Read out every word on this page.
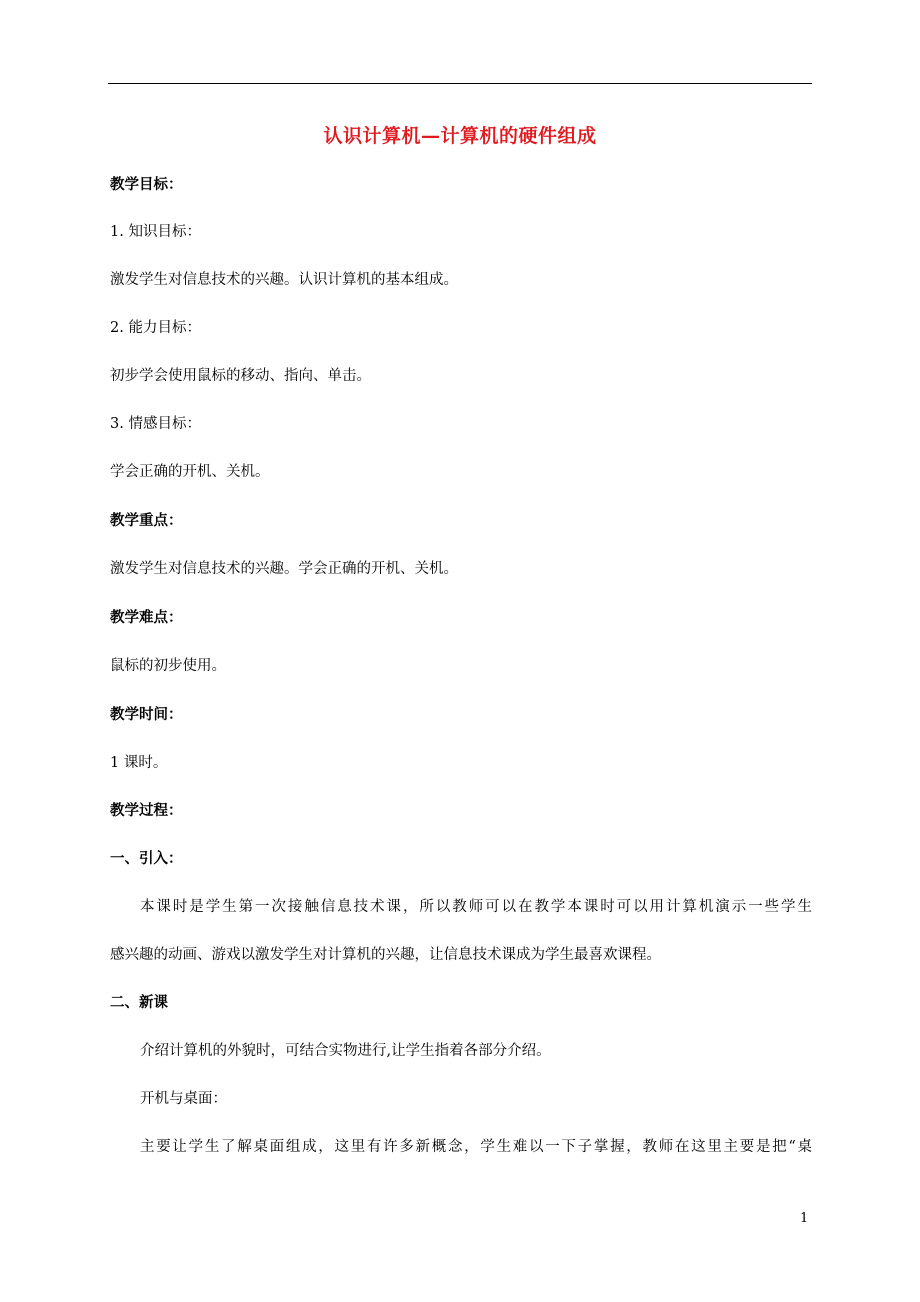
认识计算机—计算机的硬件组成
教学目标：
1. 知识目标：
激发学生对信息技术的兴趣。认识计算机的基本组成。
2. 能力目标：
初步学会使用鼠标的移动、指向、单击。
3. 情感目标：
学会正确的开机、关机。
教学重点：
激发学生对信息技术的兴趣。学会正确的开机、关机。
教学难点：
鼠标的初步使用。
教学时间：
1 课时。
教学过程：
一、引入：
本课时是学生第一次接触信息技术课，所以教师可以在教学本课时可以用计算机演示一些学生
感兴趣的动画、游戏以激发学生对计算机的兴趣，让信息技术课成为学生最喜欢课程。
二、新课
介绍计算机的外貌时，可结合实物进行,让学生指着各部分介绍。
开机与桌面：
主要让学生了解桌面组成，这里有许多新概念，学生难以一下子掌握，教师在这里主要是把“桌
1
